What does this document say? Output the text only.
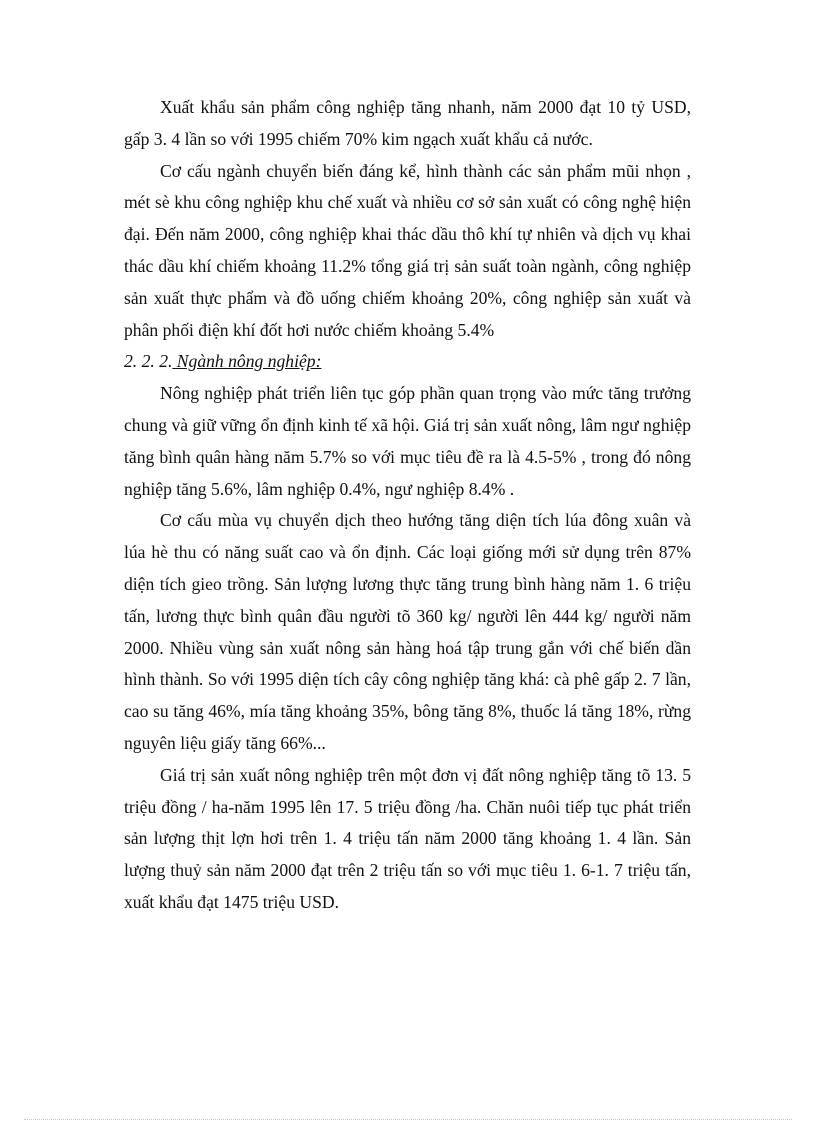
Xuất khẩu sản phẩm công nghiệp tăng nhanh, năm 2000 đạt 10 tỷ USD, gấp 3. 4 lần so với 1995 chiếm 70% kim ngạch xuất khẩu cả nước.

Cơ cấu ngành chuyển biến đáng kể, hình thành các sản phẩm mũi nhọn , mét sè khu công nghiệp khu chế xuất và nhiều cơ sở sản xuất có công nghệ hiện đại. Đến năm 2000, công nghiệp khai thác dầu thô khí tự nhiên và dịch vụ khai thác dầu khí chiếm khoảng 11.2% tổng giá trị sản suất toàn ngành, công nghiệp sản xuất thực phẩm và đồ uống chiếm khoảng 20%, công nghiệp sản xuất và phân phối điện khí đốt hơi nước chiếm khoảng 5.4%

2. 2. 2. Ngành nông nghiệp:

Nông nghiệp phát triển liên tục góp phần quan trọng vào mức tăng trưởng chung và giữ vững ổn định kinh tế xã hội. Giá trị sản xuất nông, lâm ngư nghiệp tăng bình quân hàng năm 5.7% so với mục tiêu đề ra là 4.5-5% , trong đó nông nghiệp tăng 5.6%, lâm nghiệp 0.4%, ngư nghiệp 8.4% .

Cơ cấu mùa vụ chuyển dịch theo hướng tăng diện tích lúa đông xuân và lúa hè thu có năng suất cao và ổn định. Các loại giống mới sử dụng trên 87% diện tích gieo trồng. Sản lượng lương thực tăng trung bình hàng năm 1. 6 triệu tấn, lương thực bình quân đầu người tõ 360 kg/ người lên 444 kg/ người năm 2000. Nhiều vùng sản xuất nông sản hàng hoá tập trung gắn với chế biến dần hình thành. So với 1995 diện tích cây công nghiệp tăng khá: cà phê gấp 2. 7 lần, cao su tăng 46%, mía tăng khoảng 35%, bông tăng 8%, thuốc lá tăng 18%, rừng nguyên liệu giấy tăng 66%...

Giá trị sản xuất nông nghiệp trên một đơn vị đất nông nghiệp tăng tõ 13. 5 triệu đồng / ha-năm 1995 lên 17. 5 triệu đồng /ha. Chăn nuôi tiếp tục phát triển sản lượng thịt lợn hơi trên 1. 4 triệu tấn năm 2000 tăng khoảng 1. 4 lần. Sản lượng thuỷ sản năm 2000 đạt trên 2 triệu tấn so với mục tiêu 1. 6-1. 7 triệu tấn, xuất khẩu đạt 1475 triệu USD.
